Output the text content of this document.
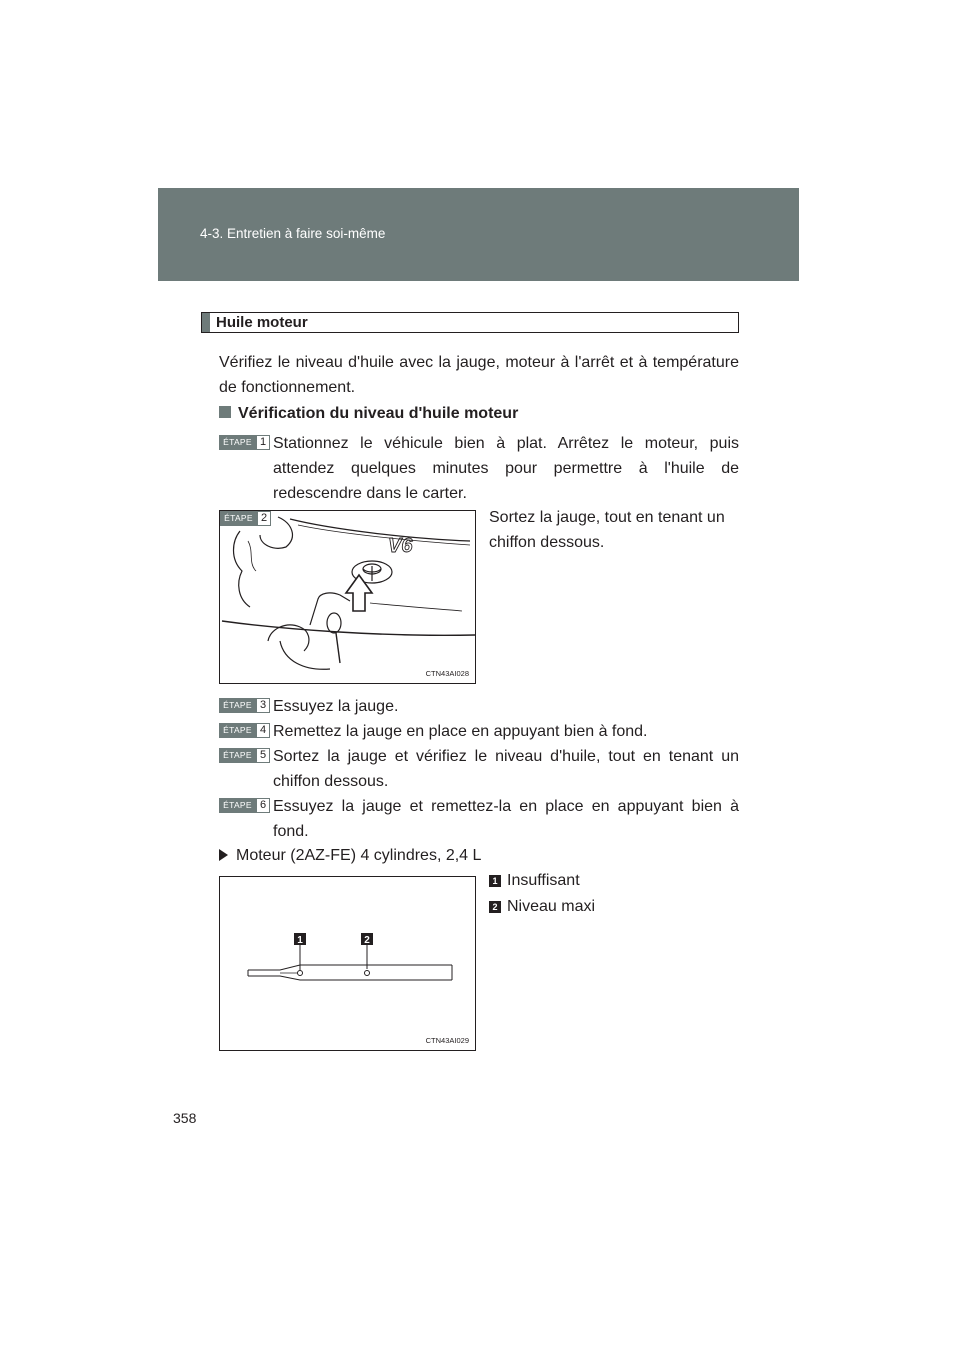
4-3. Entretien à faire soi-même
Huile moteur
Vérifiez le niveau d'huile avec la jauge, moteur à l'arrêt et à température de fonctionnement.
Vérification du niveau d'huile moteur
ÉTAPE 1 Stationnez le véhicule bien à plat. Arrêtez le moteur, puis attendez quelques minutes pour permettre à l'huile de redescendre dans le carter.
ÉTAPE 2
V6
CTN43AI028
Sortez la jauge, tout en tenant un chiffon dessous.
ÉTAPE 3 Essuyez la jauge.
ÉTAPE 4 Remettez la jauge en place en appuyant bien à fond.
ÉTAPE 5 Sortez la jauge et vérifiez le niveau d'huile, tout en tenant un chiffon dessous.
ÉTAPE 6 Essuyez la jauge et remettez-la en place en appuyant bien à fond.
Moteur (2AZ-FE) 4 cylindres, 2,4 L
1	2
CTN43AI029
1 Insuffisant
2 Niveau maxi
358
